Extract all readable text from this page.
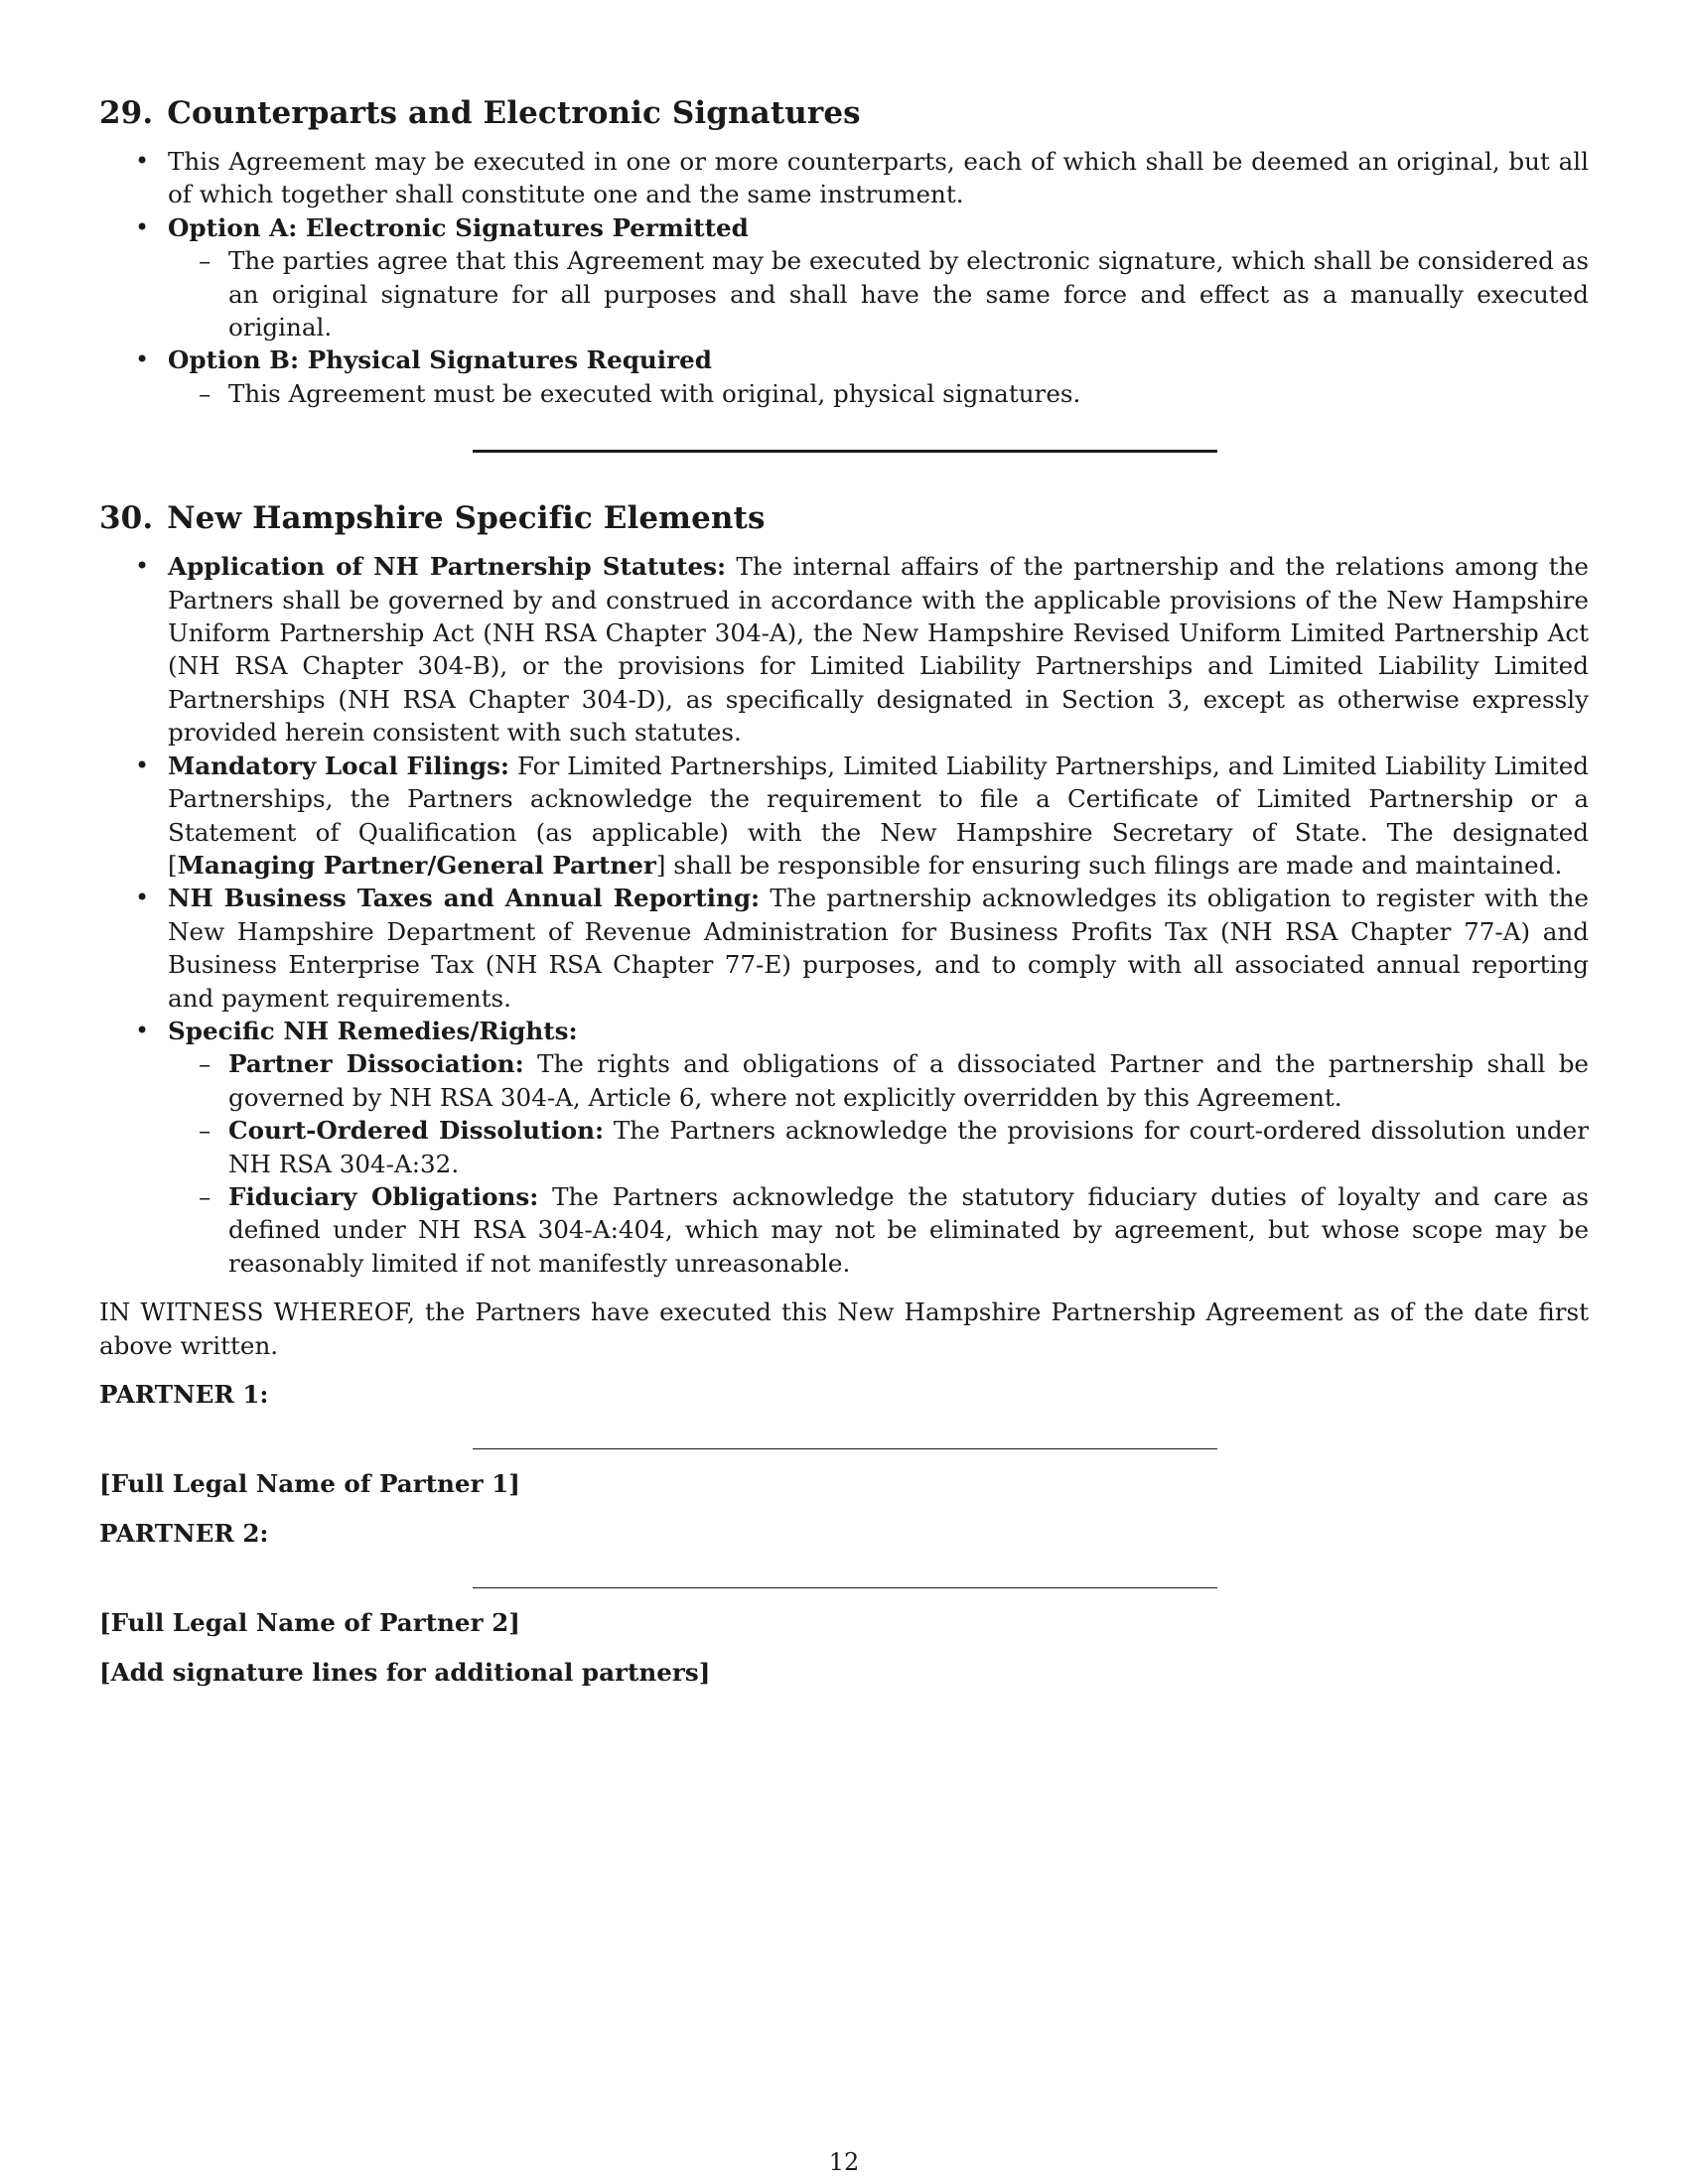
29. Counterparts and Electronic Signatures
• This Agreement may be executed in one or more counterparts, each of which shall be deemed an original, but all of which together shall constitute one and the same instrument.
• Option A: Electronic Signatures Permitted
– The parties agree that this Agreement may be executed by electronic signature, which shall be considered as an original signature for all purposes and shall have the same force and effect as a manually executed original.
• Option B: Physical Signatures Required
– This Agreement must be executed with original, physical signatures.
30. New Hampshire Specific Elements
• Application of NH Partnership Statutes: The internal affairs of the partnership and the relations among the Partners shall be governed by and construed in accordance with the applicable provisions of the New Hampshire Uniform Partnership Act (NH RSA Chapter 304-A), the New Hampshire Revised Uniform Limited Partnership Act (NH RSA Chapter 304-B), or the provisions for Limited Liability Partnerships and Limited Liability Limited Partnerships (NH RSA Chapter 304-D), as specifically designated in Section 3, except as otherwise expressly provided herein consistent with such statutes.
• Mandatory Local Filings: For Limited Partnerships, Limited Liability Partnerships, and Limited Liability Limited Partnerships, the Partners acknowledge the requirement to file a Certificate of Limited Partnership or a Statement of Qualification (as applicable) with the New Hampshire Secretary of State. The designated [Managing Partner/General Partner] shall be responsible for ensuring such filings are made and maintained.
• NH Business Taxes and Annual Reporting: The partnership acknowledges its obligation to register with the New Hampshire Department of Revenue Administration for Business Profits Tax (NH RSA Chapter 77-A) and Business Enterprise Tax (NH RSA Chapter 77-E) purposes, and to comply with all associated annual reporting and payment requirements.
• Specific NH Remedies/Rights:
– Partner Dissociation: The rights and obligations of a dissociated Partner and the partnership shall be governed by NH RSA 304-A, Article 6, where not explicitly overridden by this Agreement.
– Court-Ordered Dissolution: The Partners acknowledge the provisions for court-ordered dissolution under NH RSA 304-A:32.
– Fiduciary Obligations: The Partners acknowledge the statutory fiduciary duties of loyalty and care as defined under NH RSA 304-A:404, which may not be eliminated by agreement, but whose scope may be reasonably limited if not manifestly unreasonable.
IN WITNESS WHEREOF, the Partners have executed this New Hampshire Partnership Agreement as of the date first above written.
PARTNER 1:
[Full Legal Name of Partner 1]
PARTNER 2:
[Full Legal Name of Partner 2]
[Add signature lines for additional partners]
12
